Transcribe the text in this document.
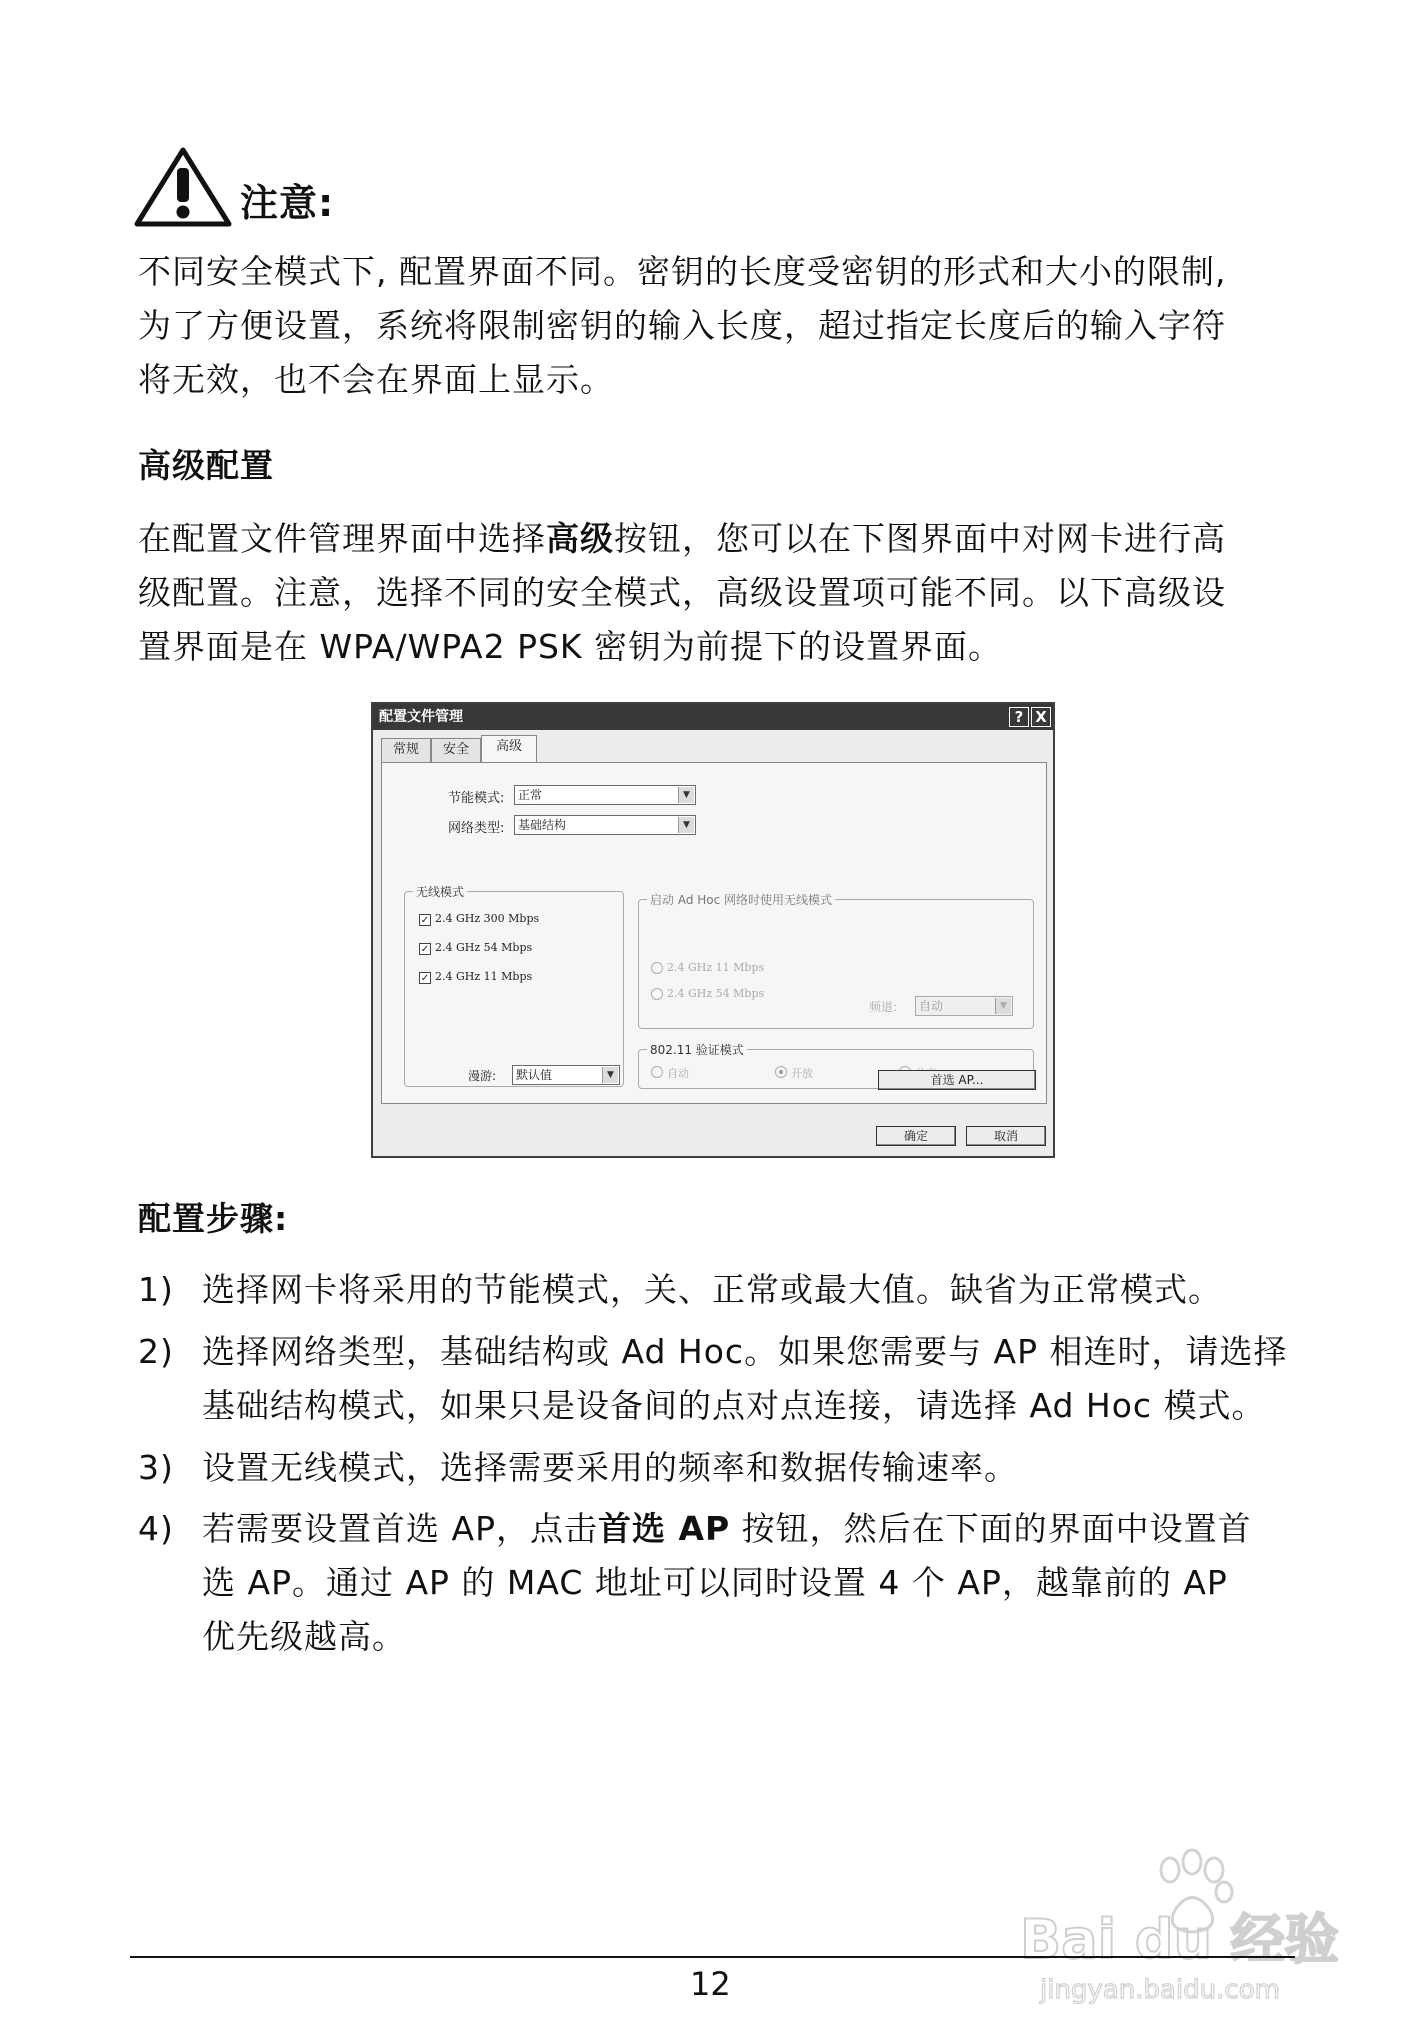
注意:

不同安全模式下, 配置界面不同。密钥的长度受密钥的形式和大小的限制,

为了方便设置，系统将限制密钥的输入长度，超过指定长度后的输入字符

将无效，也不会在界面上显示。

高级配置

在配置文件管理界面中选择高级按钮，您可以在下图界面中对网卡进行高

级配置。注意，选择不同的安全模式，高级设置项可能不同。以下高级设

置界面是在 WPA/WPA2 PSK 密钥为前提下的设置界面。

配置文件管理	? X
常规	安全	高级
节能模式:	正常	▼
网络类型:	基础结构	▼
无线模式
✓ 2.4 GHz 300 Mbps
✓ 2.4 GHz 54 Mbps
✓ 2.4 GHz 11 Mbps
启动 Ad Hoc 网络时使用无线模式
2.4 GHz 11 Mbps
2.4 GHz 54 Mbps
频道:	自动	▼
802.11 验证模式
自动	开放
漫游:	默认值	▼	首选 AP...
确定	取消
配置步骤:
1) 选择网卡将采用的节能模式，关、正常或最大值。缺省为正常模式。

2) 选择网络类型，基础结构或 Ad Hoc。如果您需要与 AP 相连时，请选择

基础结构模式，如果只是设备间的点对点连接，请选择 Ad Hoc 模式。

3) 设置无线模式，选择需要采用的频率和数据传输速率。

4) 若需要设置首选 AP，点击首选 AP 按钮，然后在下面的界面中设置首

选 AP。通过 AP 的 MAC 地址可以同时设置 4 个 AP，越靠前的 AP

优先级越高。

Bai du 经验
jingyan.baidu.com
12
